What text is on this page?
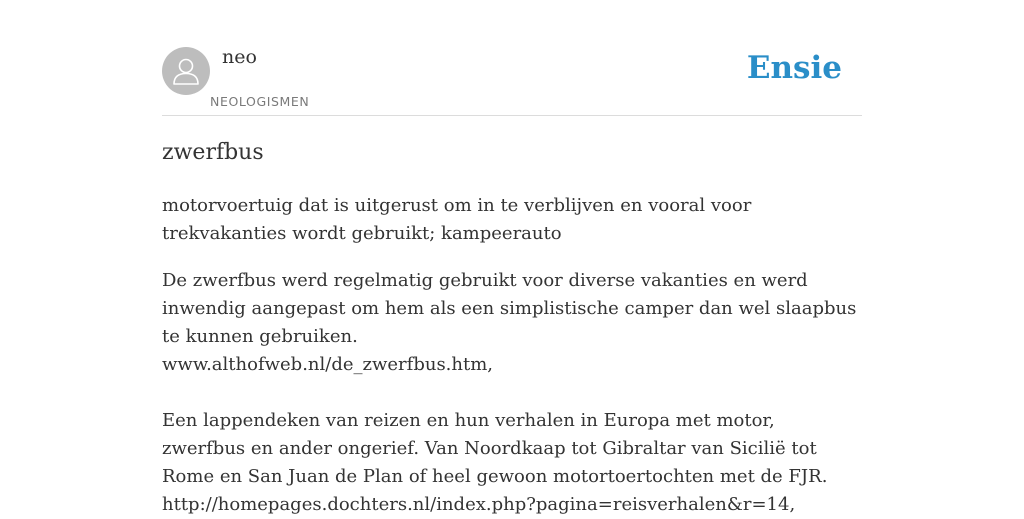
neo
NEOLOGISMEN
Ensie
zwerfbus

motorvoertuig dat is uitgerust om in te verblijven en vooral voor trekvakanties wordt gebruikt; kampeerauto

De zwerfbus werd regelmatig gebruikt voor diverse vakanties en werd inwendig aangepast om hem als een simplistische camper dan wel slaapbus te kunnen gebruiken.
www.althofweb.nl/de_zwerfbus.htm,
Een lappendeken van reizen en hun verhalen in Europa met motor, zwerfbus en ander ongerief. Van Noordkaap tot Gibraltar van Sicilië tot Rome en San Juan de Plan of heel gewoon motortoertochten met de FJR.
http://homepages.dochters.nl/index.php?pagina=reisverhalen&r=14,
